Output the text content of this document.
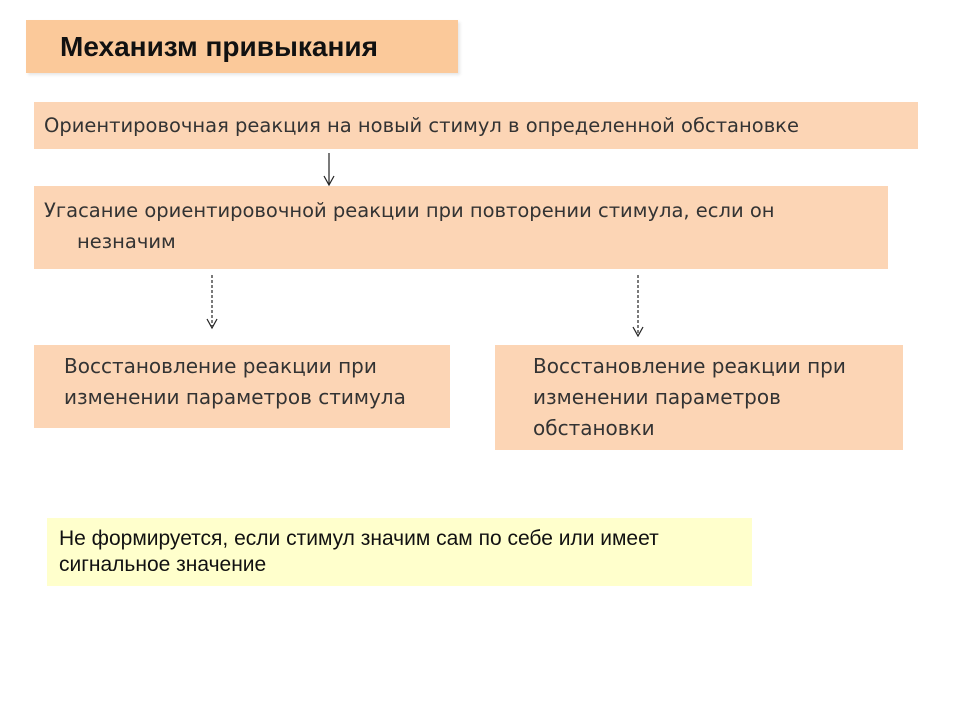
Механизм привыкания
Ориентировочная реакция на новый стимул в определенной обстановке
Угасание ориентировочной реакции при повторении стимула, если он
незначим
Восстановление реакции при изменении параметров стимула
Восстановление реакции при изменении параметров обстановки
Не формируется, если стимул значим сам по себе или имеет сигнальное значение
